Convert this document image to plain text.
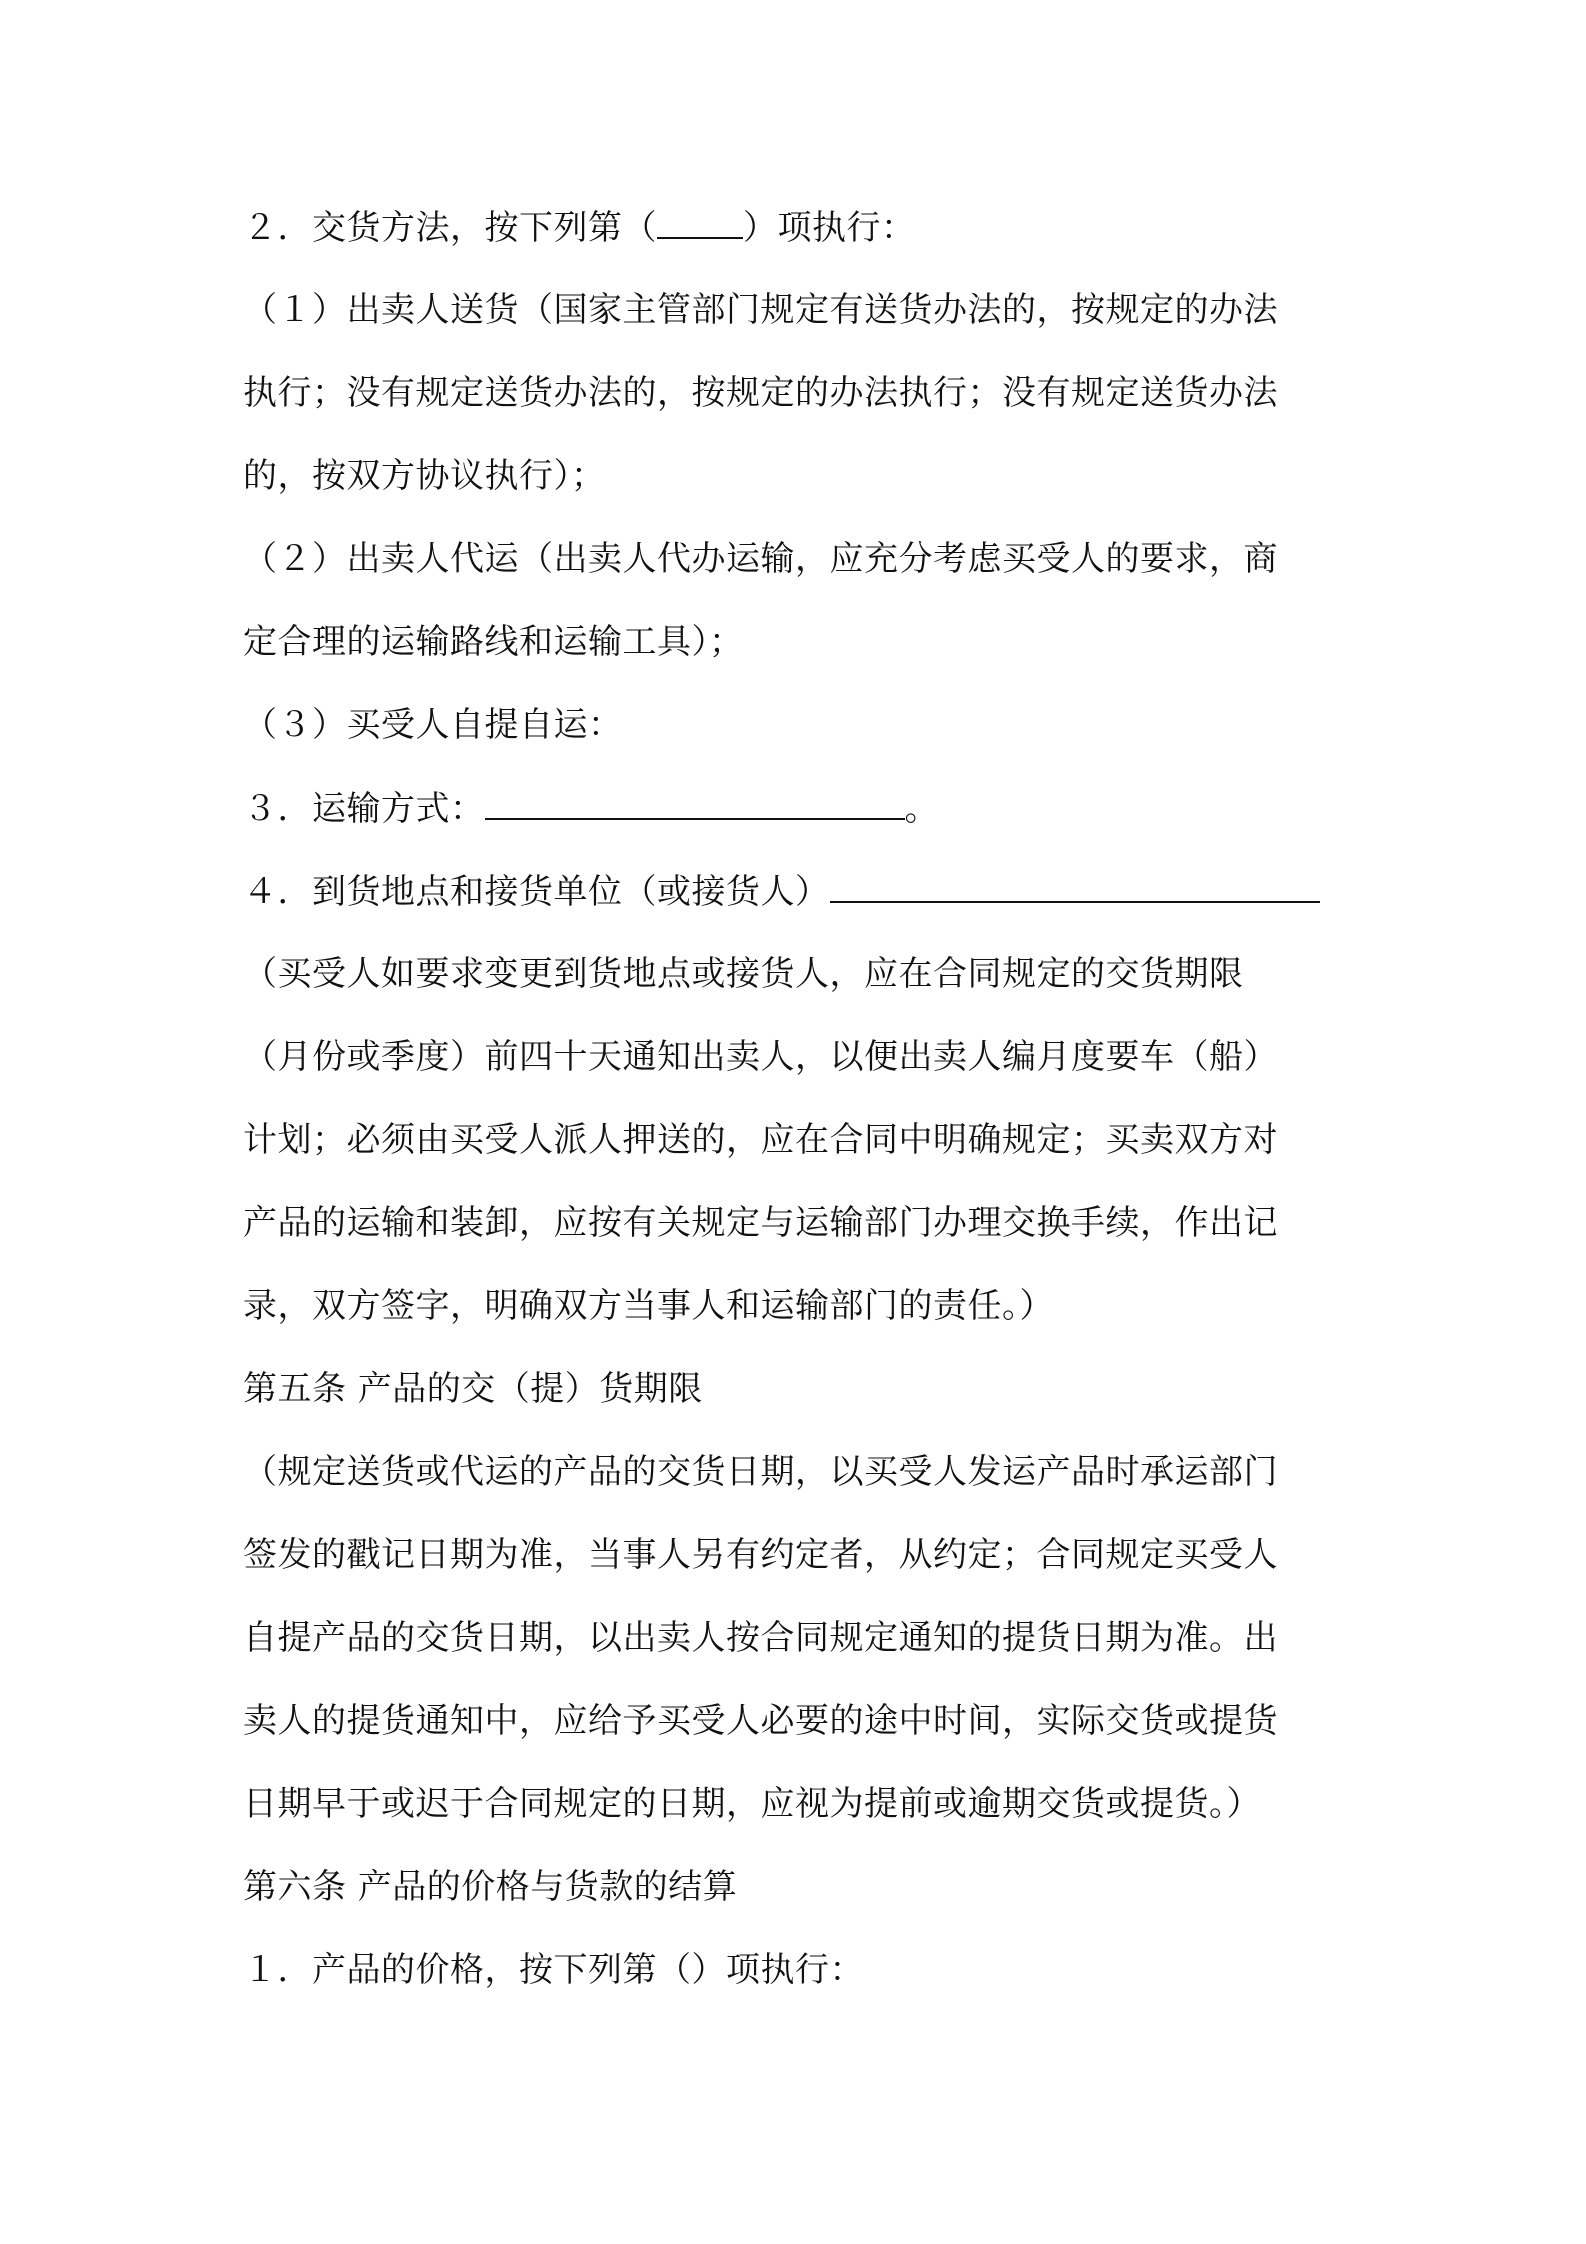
２．交货方法，按下列第（	）项执行：
（１）出卖人送货（国家主管部门规定有送货办法的，按规定的办法
执行；没有规定送货办法的，按规定的办法执行；没有规定送货办法
的，按双方协议执行）；
（２）出卖人代运（出卖人代办运输，应充分考虑买受人的要求，商
定合理的运输路线和运输工具）；
（３）买受人自提自运：
３．运输方式：	。
４．到货地点和接货单位（或接货人）
（买受人如要求变更到货地点或接货人，应在合同规定的交货期限
（月份或季度）前四十天通知出卖人，以便出卖人编月度要车（船）
计划；必须由买受人派人押送的，应在合同中明确规定；买卖双方对
产品的运输和装卸，应按有关规定与运输部门办理交换手续，作出记
录，双方签字，明确双方当事人和运输部门的责任。）
第五条 产品的交（提）货期限
（规定送货或代运的产品的交货日期，以买受人发运产品时承运部门
签发的戳记日期为准，当事人另有约定者，从约定；合同规定买受人
自提产品的交货日期，以出卖人按合同规定通知的提货日期为准。出
卖人的提货通知中，应给予买受人必要的途中时间，实际交货或提货
日期早于或迟于合同规定的日期，应视为提前或逾期交货或提货。）
第六条 产品的价格与货款的结算
１．产品的价格，按下列第（）项执行：
